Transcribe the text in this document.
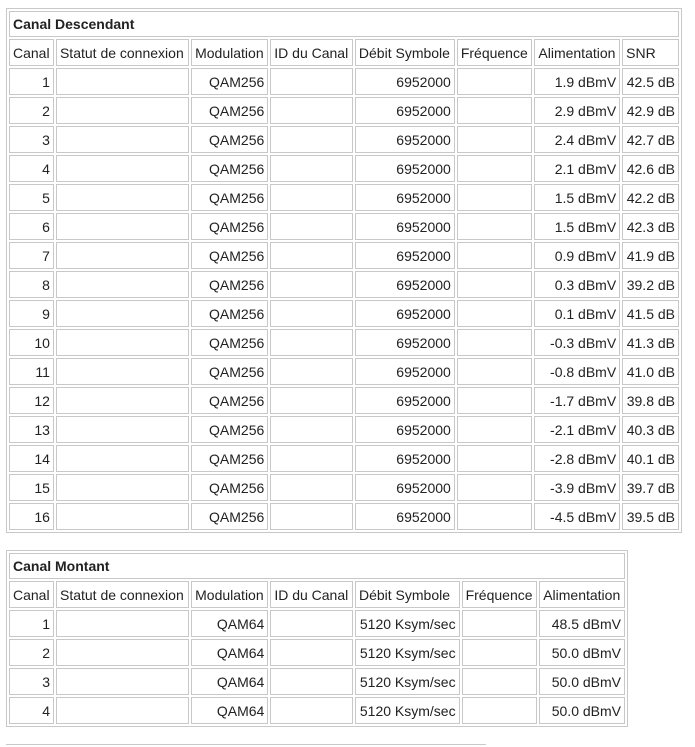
Canal Descendant							
Canal	Statut de connexion	Modulation	ID du Canal	Débit Symbole	Fréquence	Alimentation	SNR
1		QAM256		6952000		1.9 dBmV	42.5 dB
2		QAM256		6952000		2.9 dBmV	42.9 dB
3		QAM256		6952000		2.4 dBmV	42.7 dB
4		QAM256		6952000		2.1 dBmV	42.6 dB
5		QAM256		6952000		1.5 dBmV	42.2 dB
6		QAM256		6952000		1.5 dBmV	42.3 dB
7		QAM256		6952000		0.9 dBmV	41.9 dB
8		QAM256		6952000		0.3 dBmV	39.2 dB
9		QAM256		6952000		0.1 dBmV	41.5 dB
10		QAM256		6952000		-0.3 dBmV	41.3 dB
11		QAM256		6952000		-0.8 dBmV	41.0 dB
12		QAM256		6952000		-1.7 dBmV	39.8 dB
13		QAM256		6952000		-2.1 dBmV	40.3 dB
14		QAM256		6952000		-2.8 dBmV	40.1 dB
15		QAM256		6952000		-3.9 dBmV	39.7 dB
16		QAM256		6952000		-4.5 dBmV	39.5 dB
Canal Montant						
Canal	Statut de connexion	Modulation	ID du Canal	Débit Symbole	Fréquence	Alimentation
1		QAM64		5120 Ksym/sec		48.5 dBmV
2		QAM64		5120 Ksym/sec		50.0 dBmV
3		QAM64		5120 Ksym/sec		50.0 dBmV
4		QAM64		5120 Ksym/sec		50.0 dBmV
